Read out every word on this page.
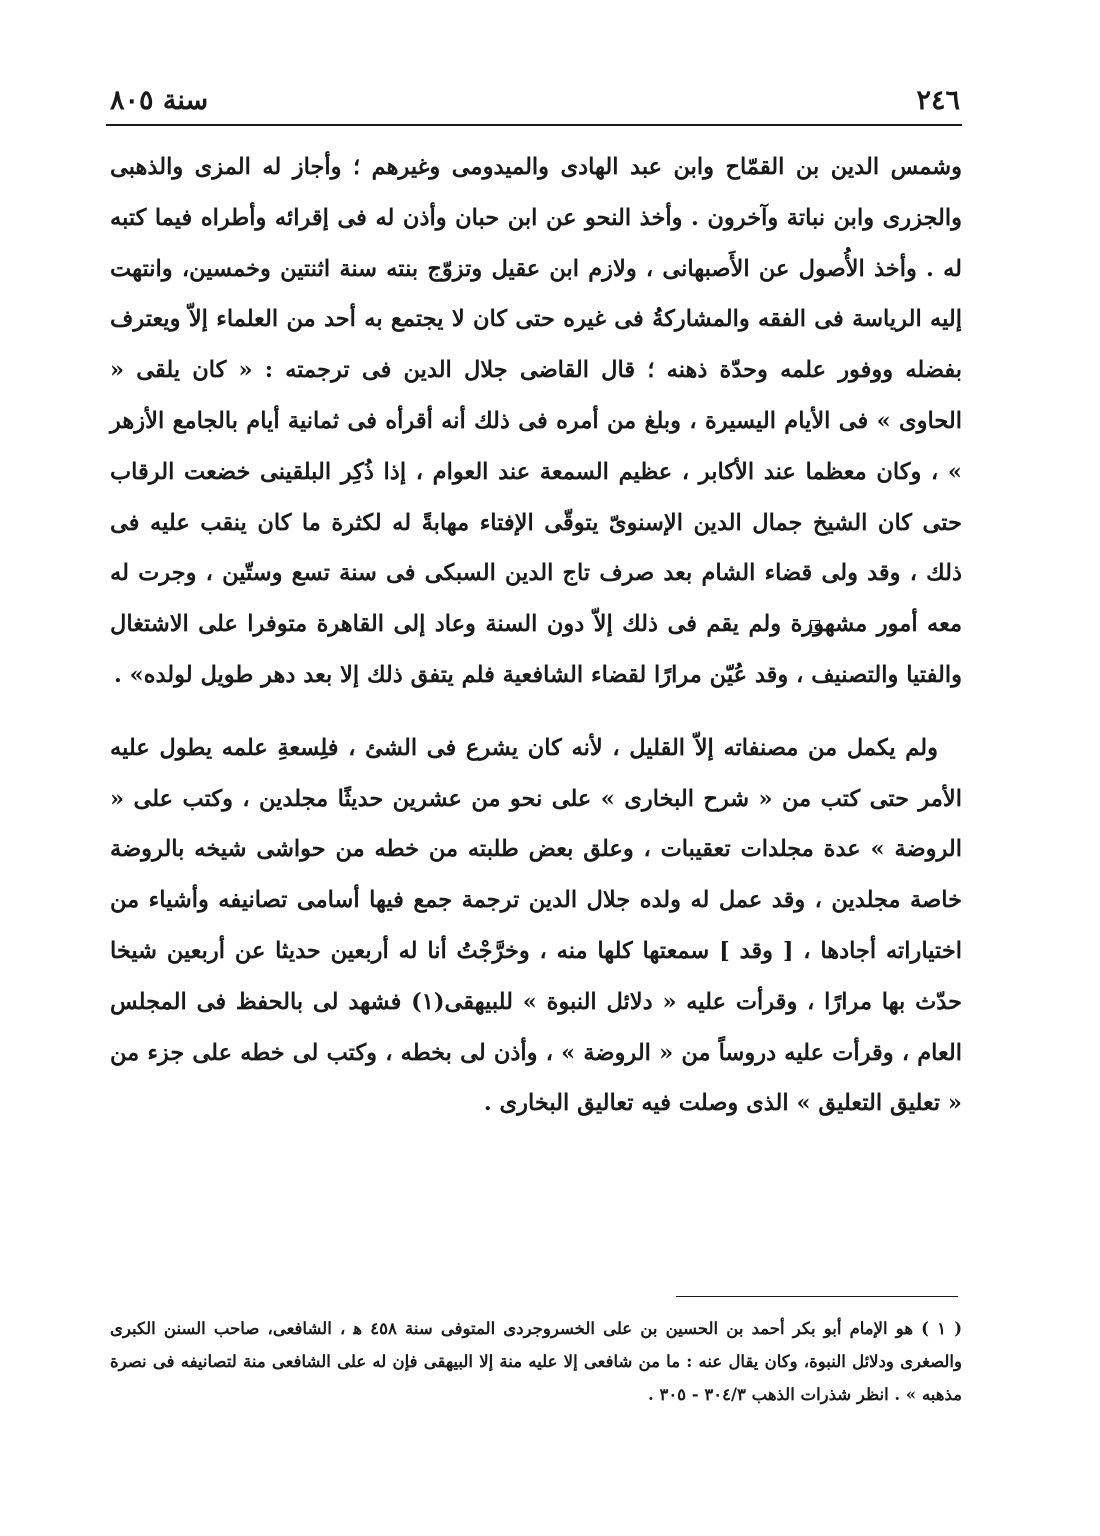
٢٤٦
سنة ٨٠٥

وشمس الدين بن القمّاح وابن عبد الهادى والميدومى وغيرهم ؛ وأجاز له المزى والذهبى والجزرى وابن نباتة وآخرون . وأخذ النحو عن ابن حبان وأذن له فى إقرائه وأطراه فيما كتبه له . وأخذ الأُصول عن الأَصبهانى ، ولازم ابن عقيل وتزوّج بنته سنة اثنتين وخمسين، وانتهت إليه الرياسة فى الفقه والمشاركةُ فى غيره حتى كان لا يجتمع به أحد من العلماء إلاّ ويعترف بفضله ووفور علمه وحدّة ذهنه ؛ قال القاضى جلال الدين فى ترجمته : « كان يلقى « الحاوى » فى الأيام اليسيرة ، وبلغ من أمره فى ذلك أنه أقرأه فى ثمانية أيام بالجامع الأزهر » ، وكان معظما عند الأكابر ، عظيم السمعة عند العوام ، إذا ذُكِر البلقينى خضعت الرقاب حتى كان الشيخ جمال الدين الإسنوىّ يتوقّى الإفتاء مهابةً له لكثرة ما كان ينقب عليه فى ذلك ، وقد ولى قضاء الشام بعد صرف تاج الدين السبكى فى سنة تسع وستّين ، وجرت له معه أمور مشهورة ولم يقم فى ذلك إلاّ دون السنة وعاد إلى القاهرة متوفرا على الاشتغال والفتيا والتصنيف ، وقد عُيّن مرارًا لقضاء الشافعية فلم يتفق ذلك إلا بعد دهر طويل لولده» .

ولم يكمل من مصنفاته إلاّ القليل ، لأنه كان يشرع فى الشئ ، فلِسعةِ علمه يطول عليه الأمر حتى كتب من « شرح البخارى » على نحو من عشرين حديثًا مجلدين ، وكتب على « الروضة » عدة مجلدات تعقيبات ، وعلق بعض طلبته من خطه من حواشى شيخه بالروضة خاصة مجلدين ، وقد عمل له ولده جلال الدين ترجمة جمع فيها أسامى تصانيفه وأشياء من اختياراته أجادها ، [ وقد ] سمعتها كلها منه ، وخرَّجْتُ أنا له أربعين حديثا عن أربعين شيخا حدّث بها مرارًا ، وقرأت عليه « دلائل النبوة » للبيهقى(١) فشهد لى بالحفظ فى المجلس العام ، وقرأت عليه دروساً من « الروضة » ، وأذن لى بخطه ، وكتب لى خطه على جزء من « تعليق التعليق » الذى وصلت فيه تعاليق البخارى .

( ١ ) هو الإمام أبو بكر أحمد بن الحسين بن على الخسروجردى المتوفى سنة ٤٥٨ ﻫ ، الشافعى، صاحب السنن الكبرى والصغرى ودلائل النبوة، وكان يقال عنه : ما من شافعى إلا عليه منة إلا البيهقى فإن له على الشافعى منة لتصانيفه فى نصرة مذهبه » . انظر شذرات الذهب ٣٠٤/٣ - ٣٠٥ .
